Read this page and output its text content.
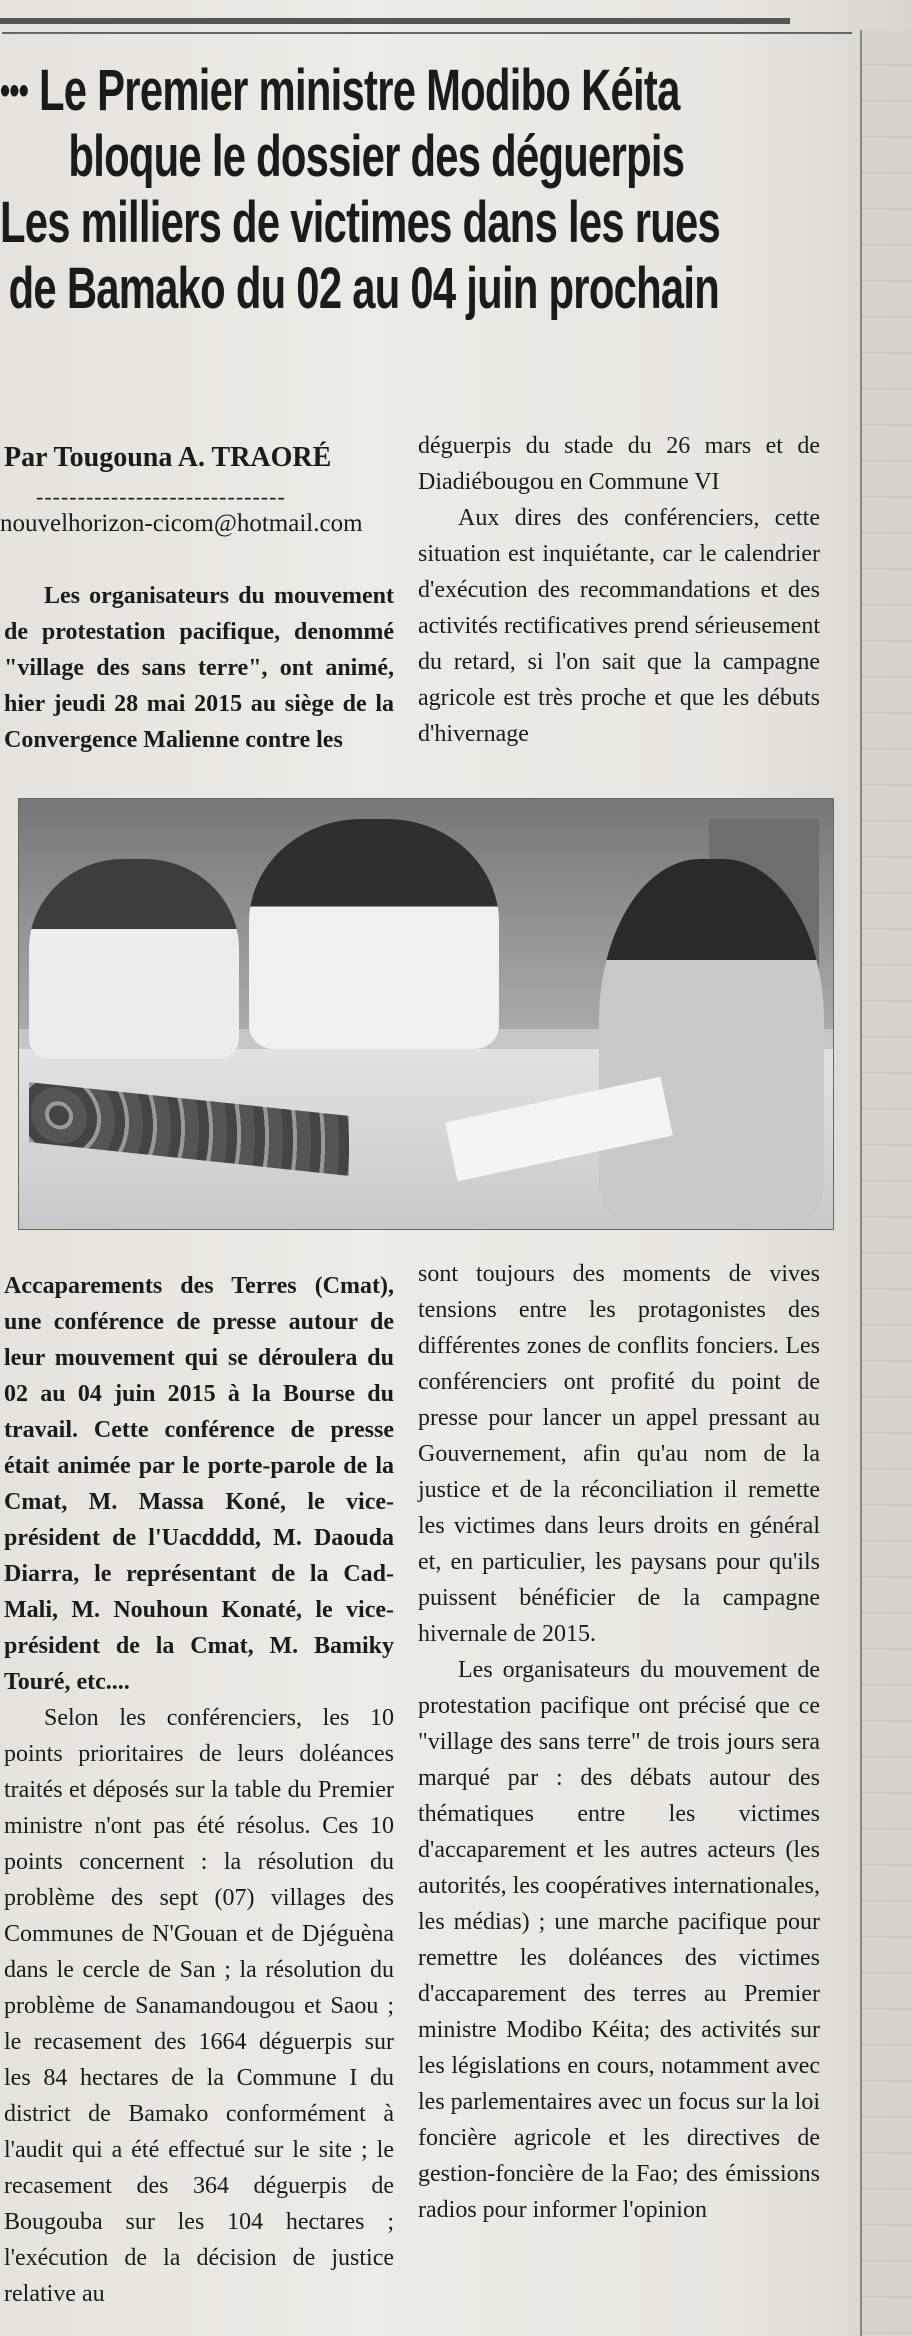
••• Le Premier ministre Modibo Kéita
bloque le dossier des déguerpis
Les milliers de victimes dans les rues
de Bamako du 02 au 04 juin prochain
Par Tougouna A. TRAORÉ
------------------------------
nouvelhorizon-cicom@hotmail.com

Les organisateurs du mouvement de protestation pacifique, denommé "village des sans terre", ont animé, hier jeudi 28 mai 2015 au siège de la Convergence Malienne contre les

déguerpis du stade du 26 mars et de Diadiébougou en Commune VI

Aux dires des conférenciers, cette situation est inquiétante, car le calendrier d'exécution des recommandations et des activités rectificatives prend sérieusement du retard, si l'on sait que la campagne agricole est très proche et que les débuts d'hivernage

Accaparements des Terres (Cmat), une conférence de presse autour de leur mouvement qui se déroulera du 02 au 04 juin 2015 à la Bourse du travail. Cette conférence de presse était animée par le porte-parole de la Cmat, M. Massa Koné, le vice-président de l'Uacdddd, M. Daouda Diarra, le représentant de la Cad-Mali, M. Nouhoun Konaté, le vice-président de la Cmat, M. Bamiky Touré, etc....

Selon les conférenciers, les 10 points prioritaires de leurs doléances traités et déposés sur la table du Premier ministre n'ont pas été résolus. Ces 10 points concernent : la résolution du problème des sept (07) villages des Communes de N'Gouan et de Djéguèna dans le cercle de San ; la résolution du problème de Sanamandougou et Saou ; le recasement des 1664 déguerpis sur les 84 hectares de la Commune I du district de Bamako conformément à l'audit qui a été effectué sur le site ; le recasement des 364 déguerpis de Bougouba sur les 104 hectares ; l'exécution de la décision de justice relative au

sont toujours des moments de vives tensions entre les protagonistes des différentes zones de conflits fonciers. Les conférenciers ont profité du point de presse pour lancer un appel pressant au Gouvernement, afin qu'au nom de la justice et de la réconciliation il remette les victimes dans leurs droits en général et, en particulier, les paysans pour qu'ils puissent bénéficier de la campagne hivernale de 2015.

Les organisateurs du mouvement de protestation pacifique ont précisé que ce "village des sans terre" de trois jours sera marqué par : des débats autour des thématiques entre les victimes d'accaparement et les autres acteurs (les autorités, les coopératives internationales, les médias) ; une marche pacifique pour remettre les doléances des victimes d'accaparement des terres au Premier ministre Modibo Kéita; des activités sur les législations en cours, notamment avec les parlementaires avec un focus sur la loi foncière agricole et les directives de gestion-foncière de la Fao; des émissions radios pour informer l'opinion
